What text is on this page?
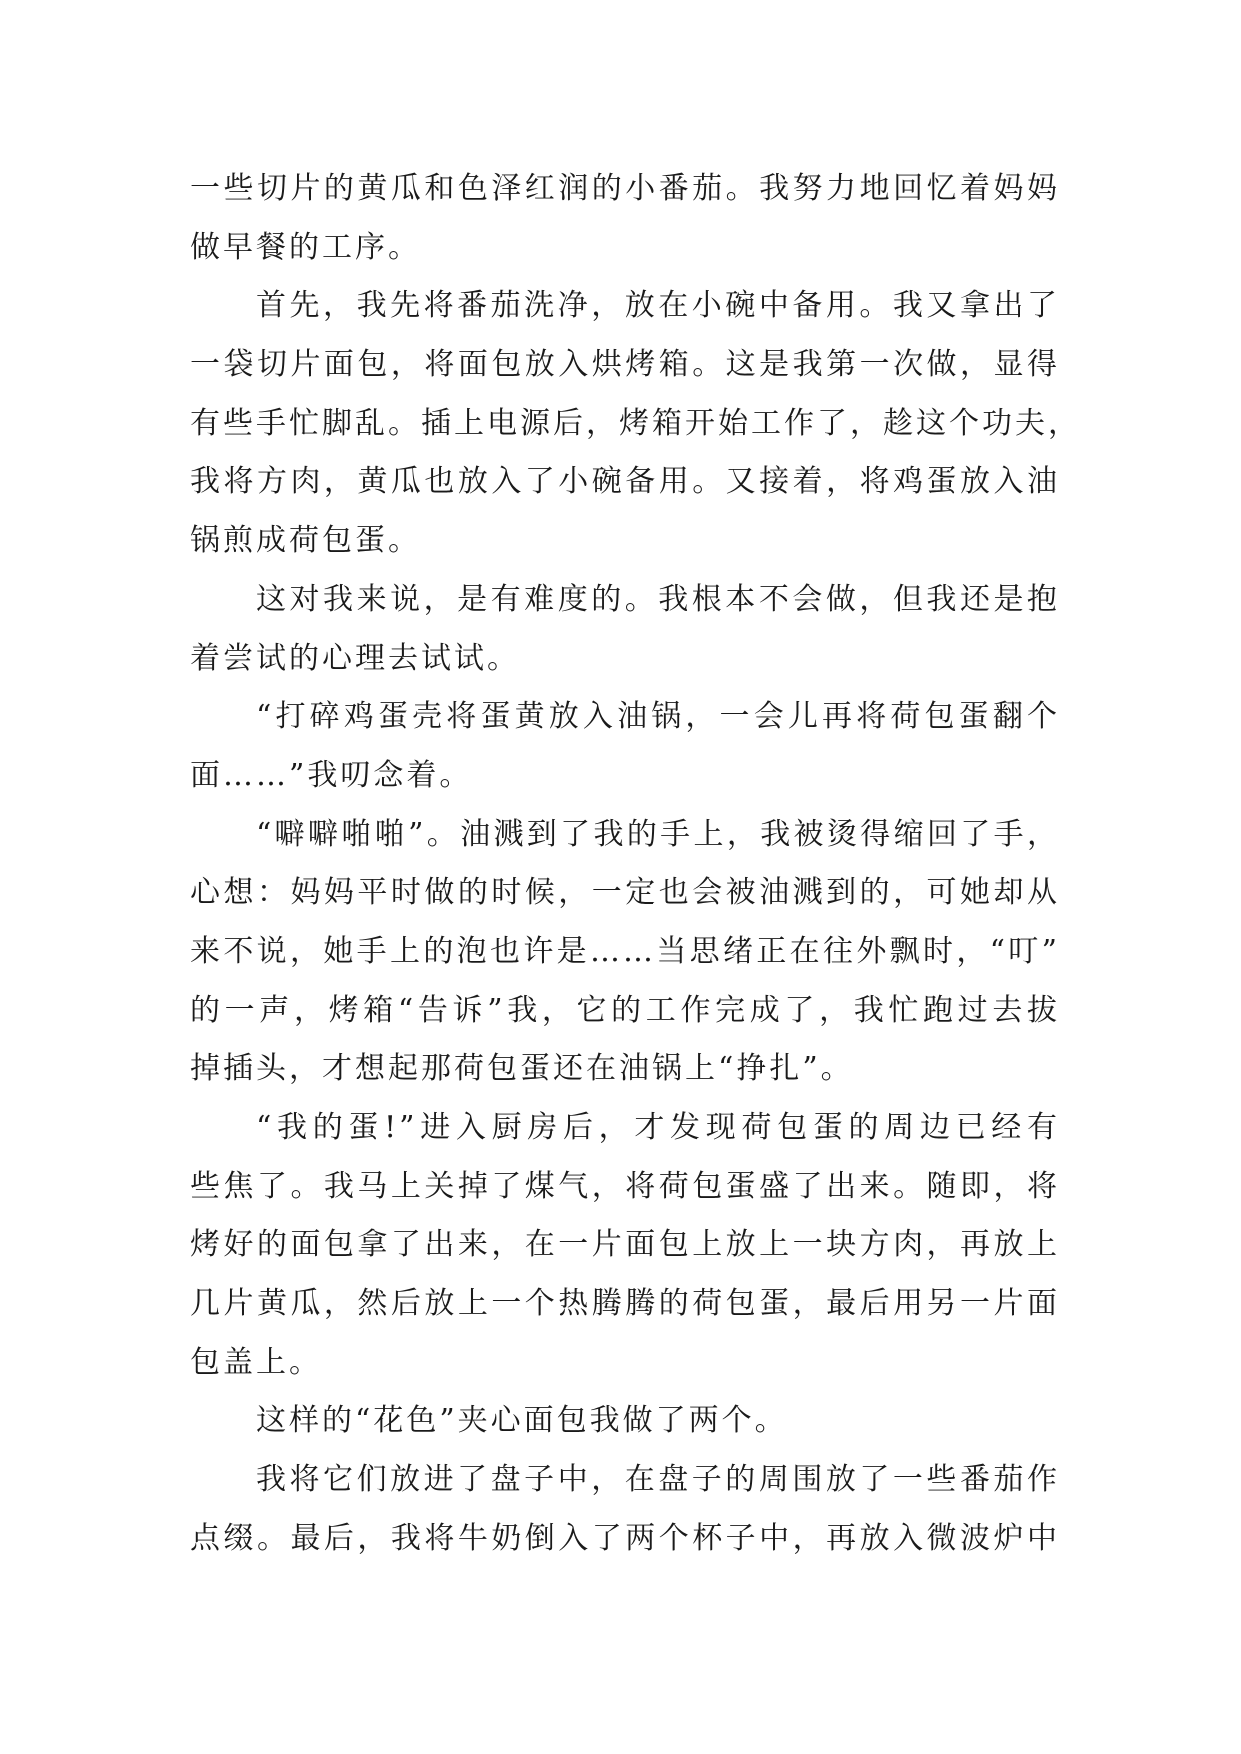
一些切片的黄瓜和色泽红润的小番茄。我努力地回忆着妈妈
做早餐的工序。
首先，我先将番茄洗净，放在小碗中备用。我又拿出了
一袋切片面包，将面包放入烘烤箱。这是我第一次做，显得
有些手忙脚乱。插上电源后，烤箱开始工作了，趁这个功夫，
我将方肉，黄瓜也放入了小碗备用。又接着，将鸡蛋放入油
锅煎成荷包蛋。
这对我来说，是有难度的。我根本不会做，但我还是抱
着尝试的心理去试试。
“打碎鸡蛋壳将蛋黄放入油锅，一会儿再将荷包蛋翻个
面……”我叨念着。
“噼噼啪啪”。油溅到了我的手上，我被烫得缩回了手，
心想：妈妈平时做的时候，一定也会被油溅到的，可她却从
来不说，她手上的泡也许是……当思绪正在往外飘时，“叮”
的一声，烤箱“告诉”我，它的工作完成了，我忙跑过去拔
掉插头，才想起那荷包蛋还在油锅上“挣扎”。
“我的蛋!”进入厨房后，才发现荷包蛋的周边已经有
些焦了。我马上关掉了煤气，将荷包蛋盛了出来。随即，将
烤好的面包拿了出来，在一片面包上放上一块方肉，再放上
几片黄瓜，然后放上一个热腾腾的荷包蛋，最后用另一片面
包盖上。
这样的“花色”夹心面包我做了两个。
我将它们放进了盘子中，在盘子的周围放了一些番茄作
点缀。最后，我将牛奶倒入了两个杯子中，再放入微波炉中
